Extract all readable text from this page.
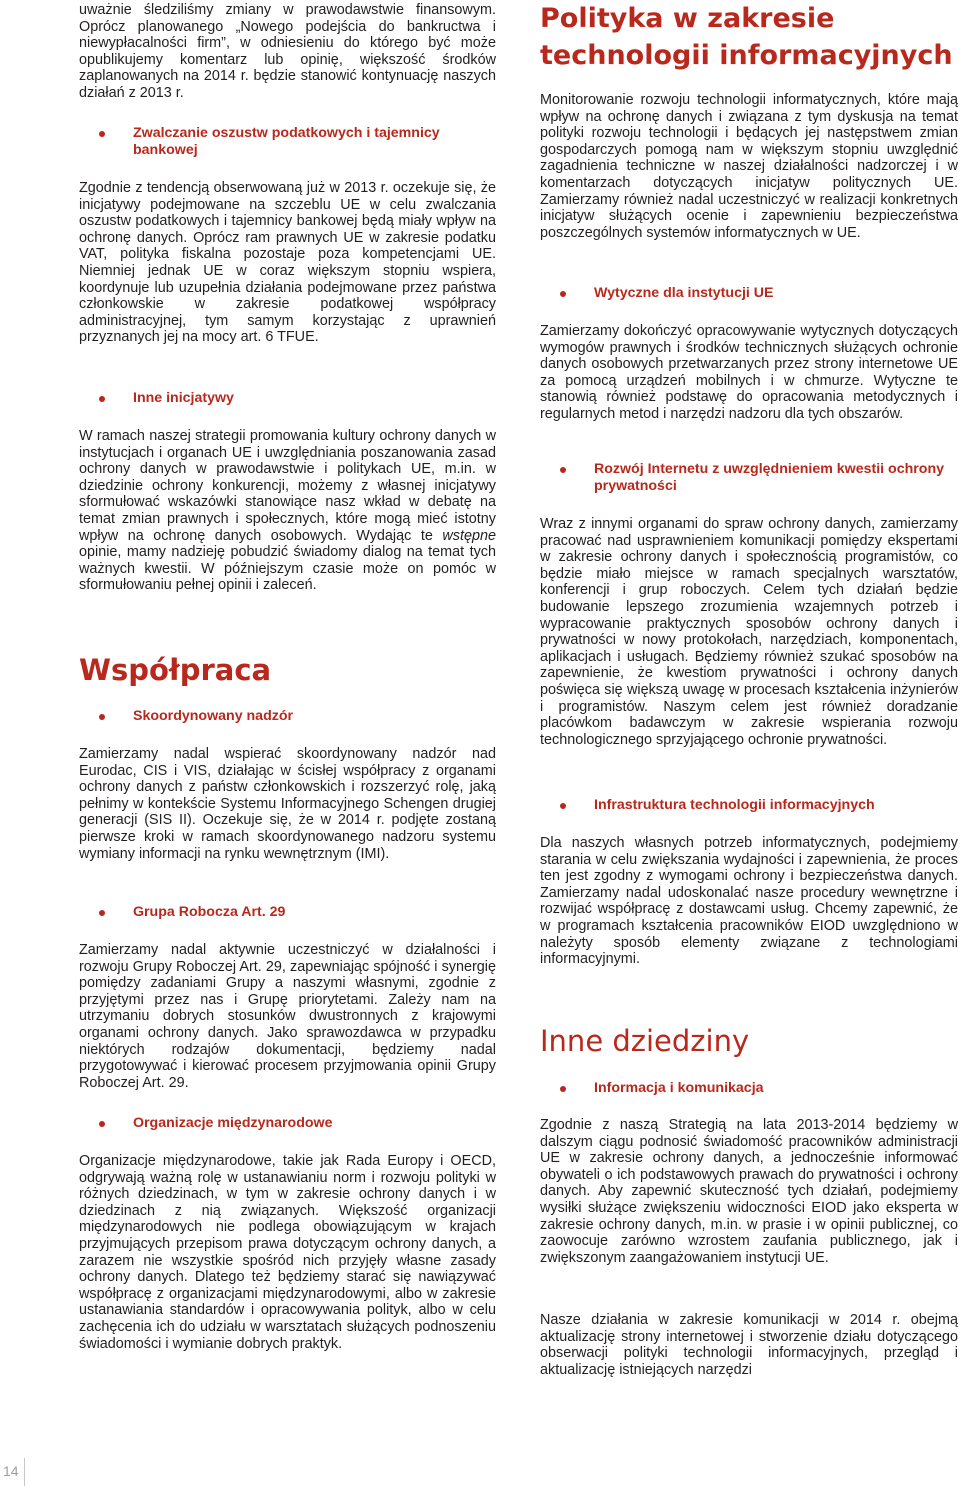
uważnie śledziliśmy zmiany w prawodawstwie finansowym. Oprócz planowanego „Nowego podejścia do bankructwa i niewypłacalności firm”, w odniesieniu do którego być może opublikujemy komentarz lub opinię, większość środków zaplanowanych na 2014 r. będzie stanowić kontynuację naszych działań z 2013 r.

Zwalczanie oszustw podatkowych i tajemnicy bankowej

Zgodnie z tendencją obserwowaną już w 2013 r. oczekuje się, że inicjatywy podejmowane na szczeblu UE w celu zwalczania oszustw podatkowych i tajemnicy bankowej będą miały wpływ na ochronę danych. Oprócz ram prawnych UE w zakresie podatku VAT, polityka fiskalna pozostaje poza kompetencjami UE. Niemniej jednak UE w coraz większym stopniu wspiera, koordynuje lub uzupełnia działania podejmowane przez państwa członkowskie w zakresie podatkowej współpracy administracyjnej, tym samym korzystając z uprawnień przyznanych jej na mocy art. 6 TFUE.

Inne inicjatywy

W ramach naszej strategii promowania kultury ochrony danych w instytucjach i organach UE i uwzględniania poszanowania zasad ochrony danych w prawodawstwie i politykach UE, m.in. w dziedzinie ochrony konkurencji, możemy z własnej inicjatywy sformułować wskazówki stanowiące nasz wkład w debatę na temat zmian prawnych i społecznych, które mogą mieć istotny wpływ na ochronę danych osobowych. Wydając te wstępne opinie, mamy nadzieję pobudzić świadomy dialog na temat tych ważnych kwestii. W późniejszym czasie może on pomóc w sformułowaniu pełnej opinii i zaleceń.

Współpraca
Skoordynowany nadzór

Zamierzamy nadal wspierać skoordynowany nadzór nad Eurodac, CIS i VIS, działając w ścisłej współpracy z organami ochrony danych z państw członkowskich i rozszerzyć rolę, jaką pełnimy w kontekście Systemu Informacyjnego Schengen drugiej generacji (SIS II). Oczekuje się, że w 2014 r. podjęte zostaną pierwsze kroki w ramach skoordynowanego nadzoru systemu wymiany informacji na rynku wewnętrznym (IMI).

Grupa Robocza Art. 29

Zamierzamy nadal aktywnie uczestniczyć w działalności i rozwoju Grupy Roboczej Art. 29, zapewniając spójność i synergię pomiędzy zadaniami Grupy a naszymi własnymi, zgodnie z przyjętymi przez nas i Grupę priorytetami. Zależy nam na utrzymaniu dobrych stosunków dwustronnych z krajowymi organami ochrony danych. Jako sprawozdawca w przypadku niektórych rodzajów dokumentacji, będziemy nadal przygotowywać i kierować procesem przyjmowania opinii Grupy Roboczej Art. 29.

Organizacje międzynarodowe

Organizacje międzynarodowe, takie jak Rada Europy i OECD, odgrywają ważną rolę w ustanawianiu norm i rozwoju polityki w różnych dziedzinach, w tym w zakresie ochrony danych i w dziedzinach z nią związanych. Większość organizacji międzynarodowych nie podlega obowiązującym w krajach przyjmujących przepisom prawa dotyczącym ochrony danych, a zarazem nie wszystkie spośród nich przyjęły własne zasady ochrony danych. Dlatego też będziemy starać się nawiązywać współpracę z organizacjami międzynarodowymi, albo w zakresie ustanawiania standardów i opracowywania polityk, albo w celu zachęcenia ich do udziału w warsztatach służących podnoszeniu świadomości i wymianie dobrych praktyk.

Polityka w zakresie technologii informacyjnych

Monitorowanie rozwoju technologii informatycznych, które mają wpływ na ochronę danych i związana z tym dyskusja na temat polityki rozwoju technologii i będących jej następstwem zmian gospodarczych pomogą nam w większym stopniu uwzględnić zagadnienia techniczne w naszej działalności nadzorczej i w komentarzach dotyczących inicjatyw politycznych UE. Zamierzamy również nadal uczestniczyć w realizacji konkretnych inicjatyw służących ocenie i zapewnieniu bezpieczeństwa poszczególnych systemów informatycznych w UE.

Wytyczne dla instytucji UE

Zamierzamy dokończyć opracowywanie wytycznych dotyczących wymogów prawnych i środków technicznych służących ochronie danych osobowych przetwarzanych przez strony internetowe UE za pomocą urządzeń mobilnych i w chmurze. Wytyczne te stanowią również podstawę do opracowania metodycznych i regularnych metod i narzędzi nadzoru dla tych obszarów.

Rozwój Internetu z uwzględnieniem kwestii ochrony prywatności

Wraz z innymi organami do spraw ochrony danych, zamierzamy pracować nad usprawnieniem komunikacji pomiędzy ekspertami w zakresie ochrony danych i społecznością programistów, co będzie miało miejsce w ramach specjalnych warsztatów, konferencji i grup roboczych. Celem tych działań będzie budowanie lepszego zrozumienia wzajemnych potrzeb i wypracowanie praktycznych sposobów ochrony danych i prywatności w nowy protokołach, narzędziach, komponentach, aplikacjach i usługach. Będziemy również szukać sposobów na zapewnienie, że kwestiom prywatności i ochrony danych poświęca się większą uwagę w procesach kształcenia inżynierów i programistów. Naszym celem jest również doradzanie placówkom badawczym w zakresie wspierania rozwoju technologicznego sprzyjającego ochronie prywatności.

Infrastruktura technologii informacyjnych

Dla naszych własnych potrzeb informatycznych, podejmiemy starania w celu zwiększania wydajności i zapewnienia, że proces ten jest zgodny z wymogami ochrony i bezpieczeństwa danych. Zamierzamy nadal udoskonalać nasze procedury wewnętrzne i rozwijać współpracę z dostawcami usług. Chcemy zapewnić, że w programach kształcenia pracowników EIOD uwzględniono w należyty sposób elementy związane z technologiami informacyjnymi.

Inne dziedziny
Informacja i komunikacja

Zgodnie z naszą Strategią na lata 2013-2014 będziemy w dalszym ciągu podnosić świadomość pracowników administracji UE w zakresie ochrony danych, a jednocześnie informować obywateli o ich podstawowych prawach do prywatności i ochrony danych. Aby zapewnić skuteczność tych działań, podejmiemy wysiłki służące zwiększeniu widoczności EIOD jako eksperta w zakresie ochrony danych, m.in. w prasie i w opinii publicznej, co zaowocuje zarówno wzrostem zaufania publicznego, jak i zwiększonym zaangażowaniem instytucji UE.

Nasze działania w zakresie komunikacji w 2014 r. obejmą aktualizację strony internetowej i stworzenie działu dotyczącego obserwacji polityki technologii informacyjnych, przegląd i aktualizację istniejących narzędzi

14
